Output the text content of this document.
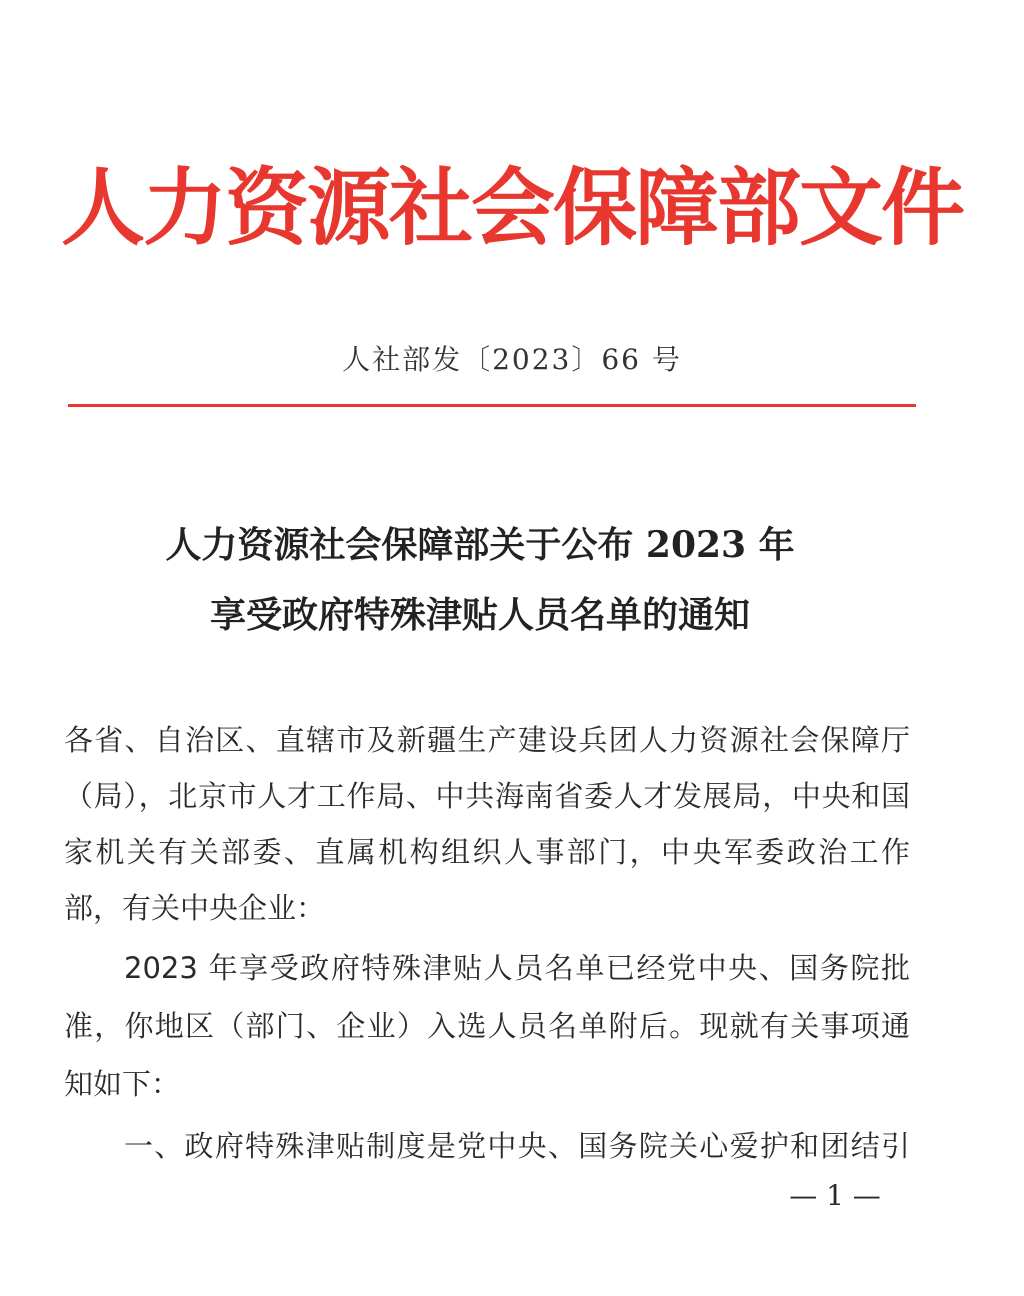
人力资源社会保障部文件
人社部发〔2023〕66 号
人力资源社会保障部关于公布 2023 年
享受政府特殊津贴人员名单的通知
各省、自治区、直辖市及新疆生产建设兵团人力资源社会保障厅
（局），北京市人才工作局、中共海南省委人才发展局，中央和国
家机关有关部委、直属机构组织人事部门，中央军委政治工作
部，有关中央企业：
2023 年享受政府特殊津贴人员名单已经党中央、国务院批
准，你地区（部门、企业）入选人员名单附后。现就有关事项通
知如下：
一、政府特殊津贴制度是党中央、国务院关心爱护和团结引
— 1 —
